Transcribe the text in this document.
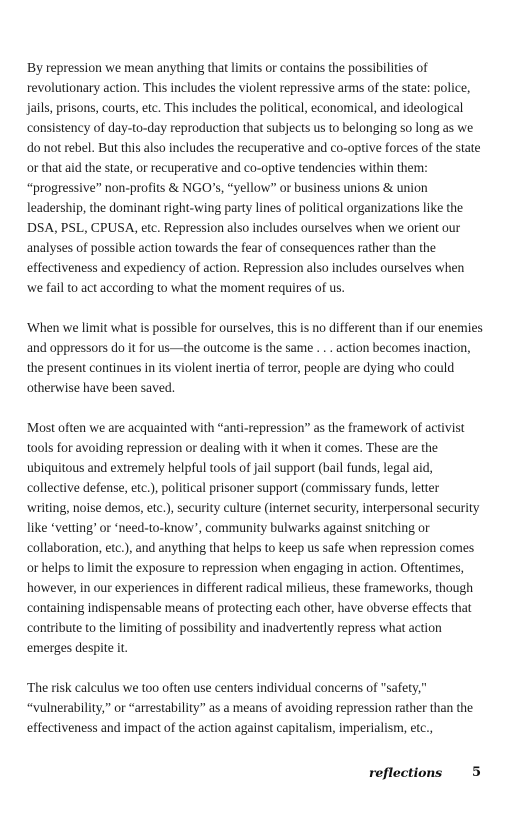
By repression we mean anything that limits or contains the possibilities of revolutionary action. This includes the violent repressive arms of the state: police, jails, prisons, courts, etc. This includes the political, economical, and ideological consistency of day-to-day reproduction that subjects us to belonging so long as we do not rebel. But this also includes the recuperative and co-optive forces of the state or that aid the state, or recuperative and co-optive tendencies within them: “progressive” non-profits & NGO’s, “yellow” or business unions & union leadership, the dominant right-wing party lines of political organizations like the DSA, PSL, CPUSA, etc. Repression also includes ourselves when we orient our analyses of possible action towards the fear of consequences rather than the effectiveness and expediency of action. Repression also includes ourselves when we fail to act according to what the moment requires of us.

When we limit what is possible for ourselves, this is no different than if our enemies and oppressors do it for us—the outcome is the same . . . action becomes inaction, the present continues in its violent inertia of terror, people are dying who could otherwise have been saved.

Most often we are acquainted with “anti-repression” as the framework of activist tools for avoiding repression or dealing with it when it comes. These are the ubiquitous and extremely helpful tools of jail support (bail funds, legal aid, collective defense, etc.), political prisoner support (commissary funds, letter writing, noise demos, etc.), security culture (internet security, interpersonal security like ‘vetting’ or ‘need-to-know’, community bulwarks against snitching or collaboration, etc.), and anything that helps to keep us safe when repression comes or helps to limit the exposure to repression when engaging in action. Oftentimes, however, in our experiences in different radical milieus, these frameworks, though containing indispensable means of protecting each other, have obverse effects that contribute to the limiting of possibility and inadvertently repress what action emerges despite it.

The risk calculus we too often use centers individual concerns of "safety," “vulnerability,” or “arrestability” as a means of avoiding repression rather than the effectiveness and impact of the action against capitalism, imperialism, etc.,

reflections 5
